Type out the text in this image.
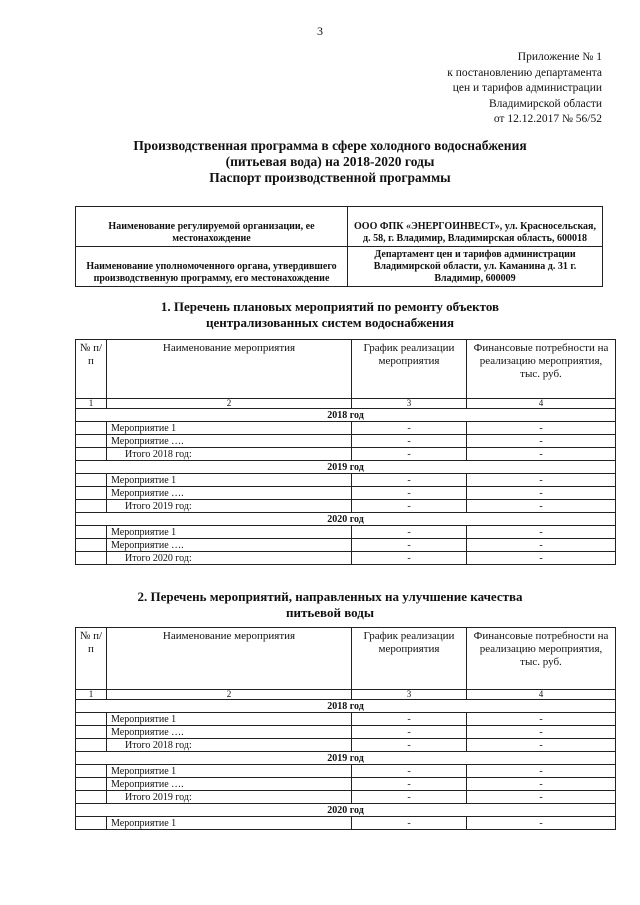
3
Приложение № 1
к постановлению департамента
цен и тарифов администрации
Владимирской области
от 12.12.2017 № 56/52
Производственная программа в сфере холодного водоснабжения
(питьевая вода) на 2018-2020 годы
Паспорт производственной программы
Наименование регулируемой организации, ее местонахождение	ООО ФПК «ЭНЕРГОИНВЕСТ», ул. Красносельская, д. 58, г. Владимир, Владимирская область, 600018
Наименование уполномоченного органа, утвердившего производственную программу, его местонахождение	Департамент цен и тарифов администрации Владимирской области, ул. Каманина д. 31 г. Владимир, 600009
1. Перечень плановых мероприятий по ремонту объектов
централизованных систем водоснабжения
№ п/п	Наименование мероприятия	График реализации мероприятия	Финансовые потребности на реализацию мероприятия, тыс. руб.
1	2	3	4
2018 год			
	Мероприятие 1	-	-
	Мероприятие ….	-	-
	Итого 2018 год:	-	-
2019 год			
	Мероприятие 1	-	-
	Мероприятие ….	-	-
	Итого 2019 год:	-	-
2020 год			
	Мероприятие 1	-	-
	Мероприятие ….	-	-
	Итого 2020 год:	-	-
2. Перечень мероприятий, направленных на улучшение качества
питьевой воды
№ п/п	Наименование мероприятия	График реализации мероприятия	Финансовые потребности на реализацию мероприятия, тыс. руб.
1	2	3	4
2018 год			
	Мероприятие 1	-	-
	Мероприятие ….	-	-
	Итого 2018 год:	-	-
2019 год			
	Мероприятие 1	-	-
	Мероприятие ….	-	-
	Итого 2019 год:	-	-
2020 год			
	Мероприятие 1	-	-
